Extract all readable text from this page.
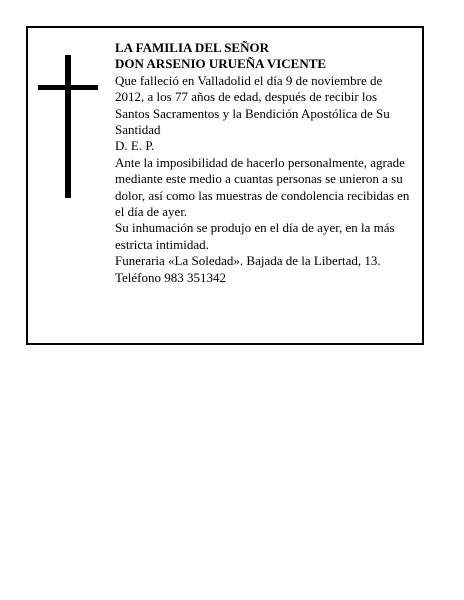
LA FAMILIA DEL SEÑOR

DON ARSENIO URUEÑA VICENTE

Que falleció en Valladolid el día 9 de noviembre de 2012, a los 77 años de edad, después de recibir los Santos Sacramentos y la Bendición Apostólica de Su Santidad

D. E. P.

Ante la imposibilidad de hacerlo personalmente, agrade mediante este medio a cuantas personas se unieron a su dolor, así como las muestras de condolencia recibidas en el día de ayer.

Su inhumación se produjo en el día de ayer, en la más estricta intimidad.

Funeraria «La Soledad». Bajada de la Libertad, 13.

Teléfono 983 351342
